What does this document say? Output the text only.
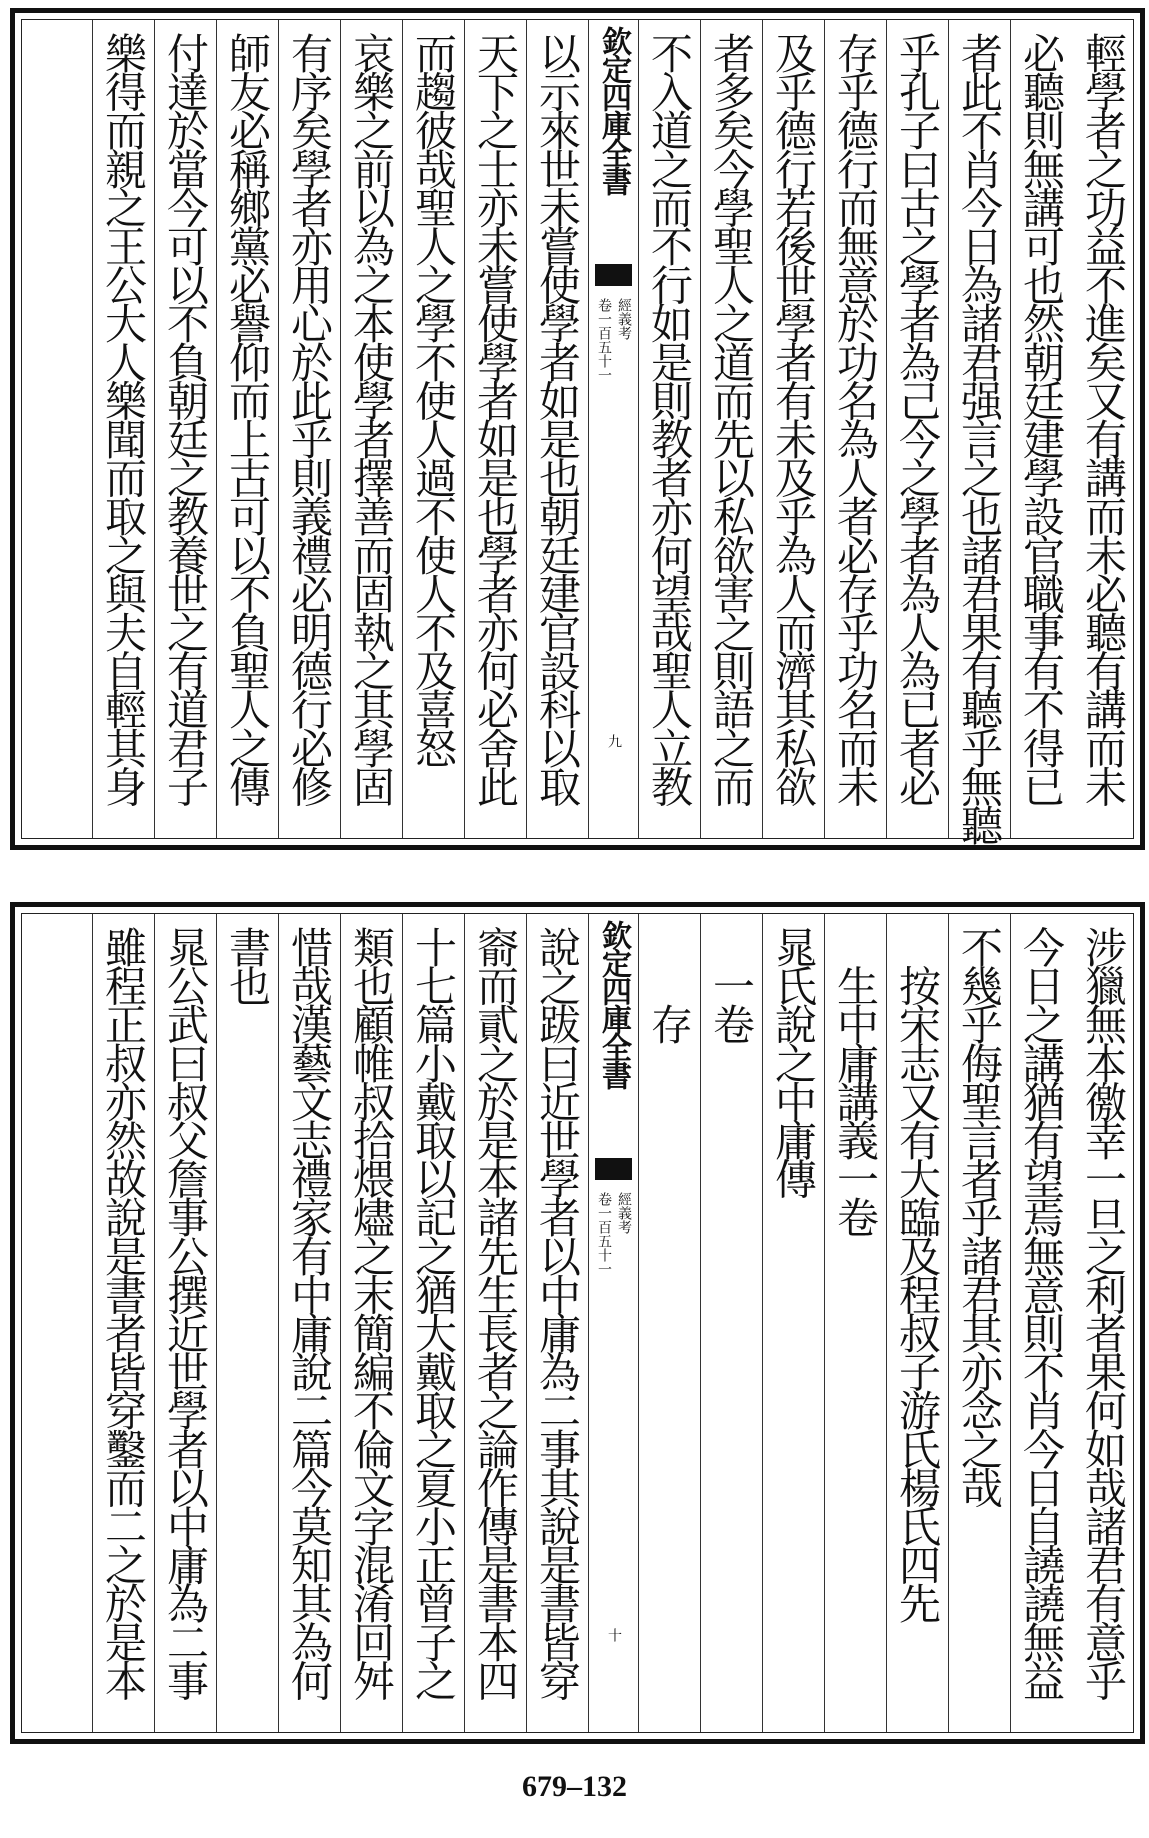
輕學者之功益不進矣又有講而未必聽有講而未
必聽則無講可也然朝廷建學設官職事有不得已
者此不肖今日為諸君强言之也諸君果有聽乎無聽
乎孔子曰古之學者為己今之學者為人為已者必
存乎德行而無意於功名為人者必存乎功名而未
及乎德行若後世學者有未及乎為人而濟其私欲
者多矣今學聖人之道而先以私欲害之則語之而
不入道之而不行如是則教者亦何望哉聖人立教
欽定四庫全書
經義考
卷一百五十一
九
以示來世未嘗使學者如是也朝廷建官設科以取
天下之士亦未嘗使學者如是也學者亦何必舍此
而趨彼哉聖人之學不使人過不使人不及喜怒
哀樂之前以為之本使學者擇善而固執之其學固
有序矣學者亦用心於此乎則義禮必明德行必修
師友必稱鄉黨必譽仰而上古可以不負聖人之傳
付達於當今可以不負朝廷之教養世之有道君子
樂得而親之王公大人樂聞而取之與夫自輕其身
涉獵無本徼幸一旦之利者果何如哉諸君有意乎
今日之講猶有望焉無意則不肖今日自譊譊無益
不幾乎侮聖言者乎諸君其亦念之哉
　按宋志又有大臨及程叔子游氏楊氏四先
　生中庸講義一卷
晁氏說之中庸傳
　一卷
　　存
欽定四庫全書
經義考
卷一百五十一
十
說之跋曰近世學者以中庸為二事其說是書皆穿
窬而貳之於是本諸先生長者之論作傳是書本四
十七篇小戴取以記之猶大戴取之夏小正曾子之
類也顧帷叔拾煨燼之末簡編不倫文字混淆回舛
惜哉漢藝文志禮家有中庸說二篇今莫知其為何
書也
晁公武曰叔父詹事公撰近世學者以中庸為二事
雖程正叔亦然故說是書者皆穿鑿而二之於是本
679–132
